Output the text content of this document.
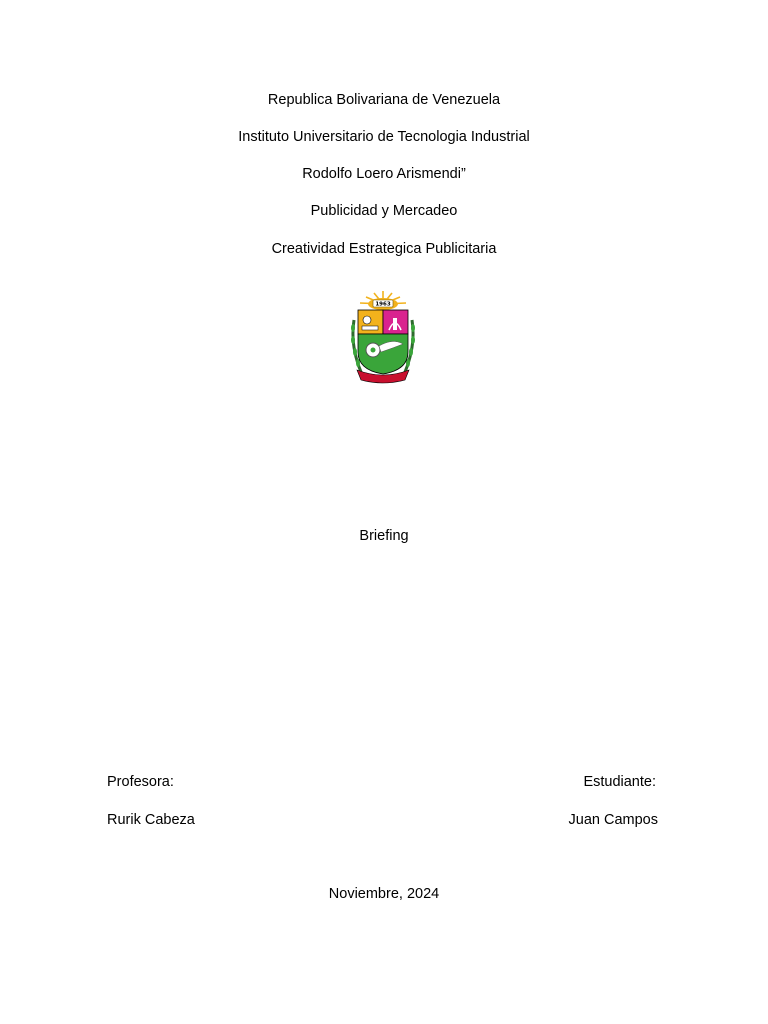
Republica Bolivariana de Venezuela
Instituto Universitario de Tecnologia Industrial
Rodolfo Loero Arismendi”
Publicidad y Mercadeo
Creatividad Estrategica Publicitaria
1963
Briefing
Profesora:
Rurik Cabeza
Estudiante:
Juan Campos
Noviembre, 2024
